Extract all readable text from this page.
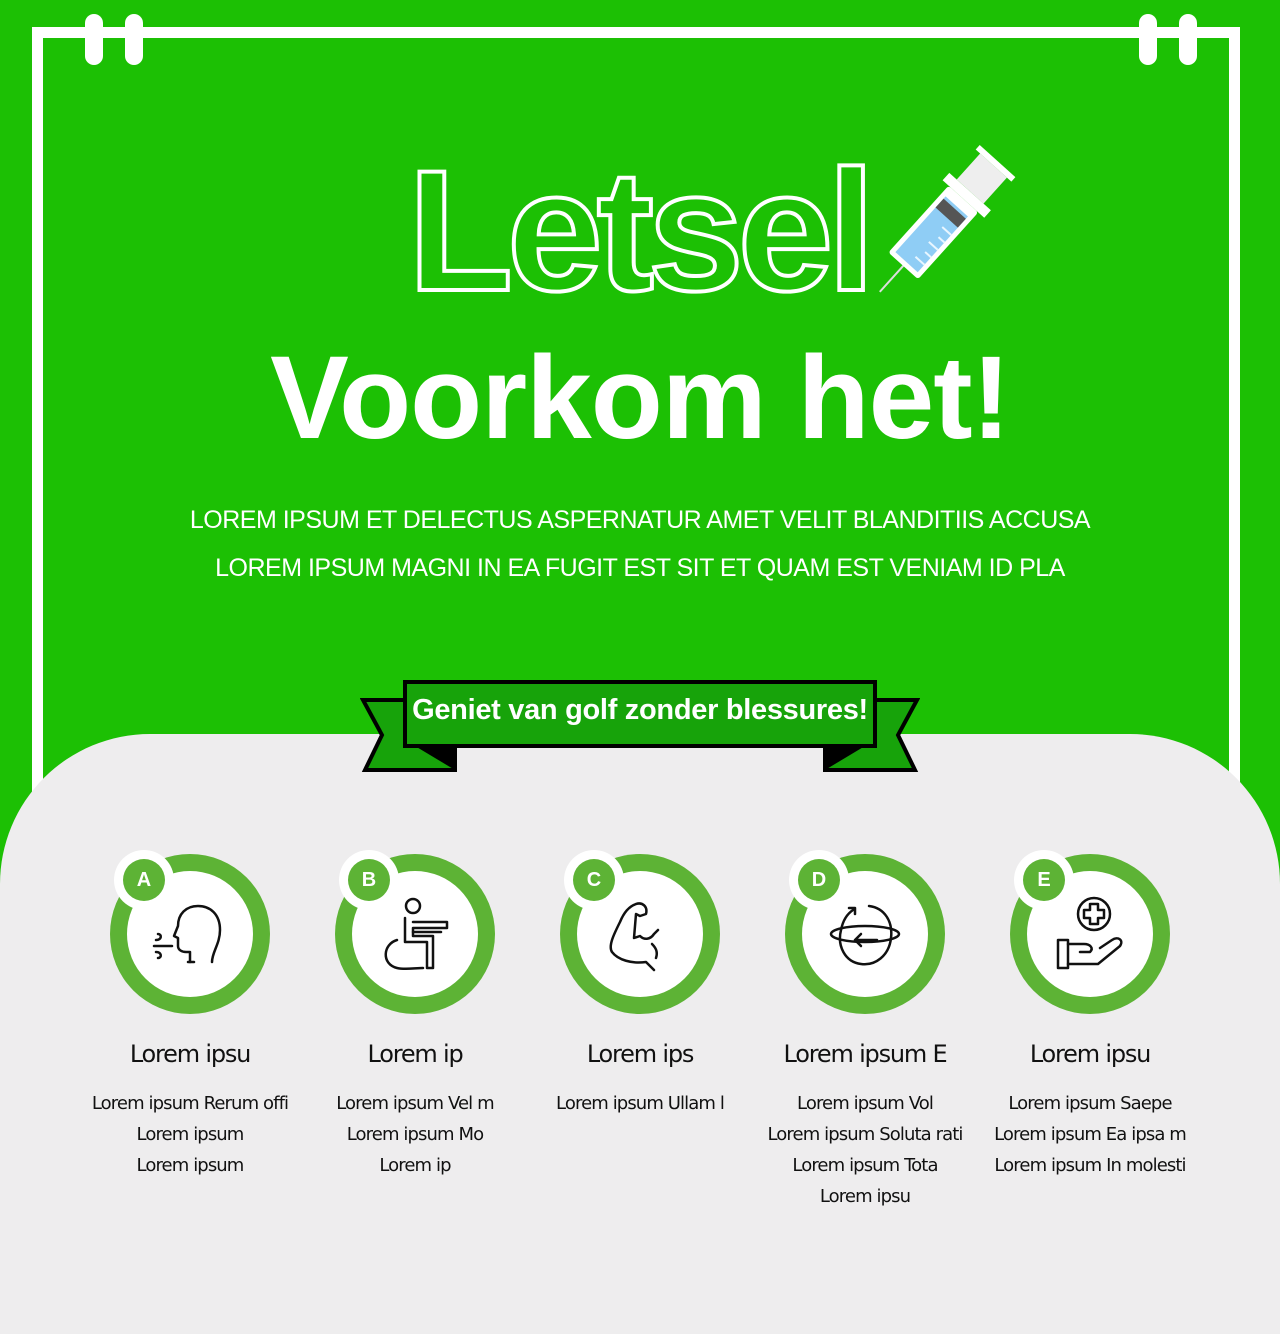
Letsel
Voorkom het!
LOREM IPSUM ET DELECTUS ASPERNATUR AMET VELIT BLANDITIIS ACCUSA
LOREM IPSUM MAGNI IN EA FUGIT EST SIT ET QUAM EST VENIAM ID PLA
Geniet van golf zonder blessures!
A
Lorem ipsu
Lorem ipsum Rerum offi
Lorem ipsum
Lorem ipsum
B
Lorem ip
Lorem ipsum Vel m
Lorem ipsum Mo
Lorem ip
C
Lorem ips
Lorem ipsum Ullam l
D
Lorem ipsum E
Lorem ipsum Vol
Lorem ipsum Soluta rati
Lorem ipsum Tota
Lorem ipsu
E
Lorem ipsu
Lorem ipsum Saepe
Lorem ipsum Ea ipsa m
Lorem ipsum In molesti
